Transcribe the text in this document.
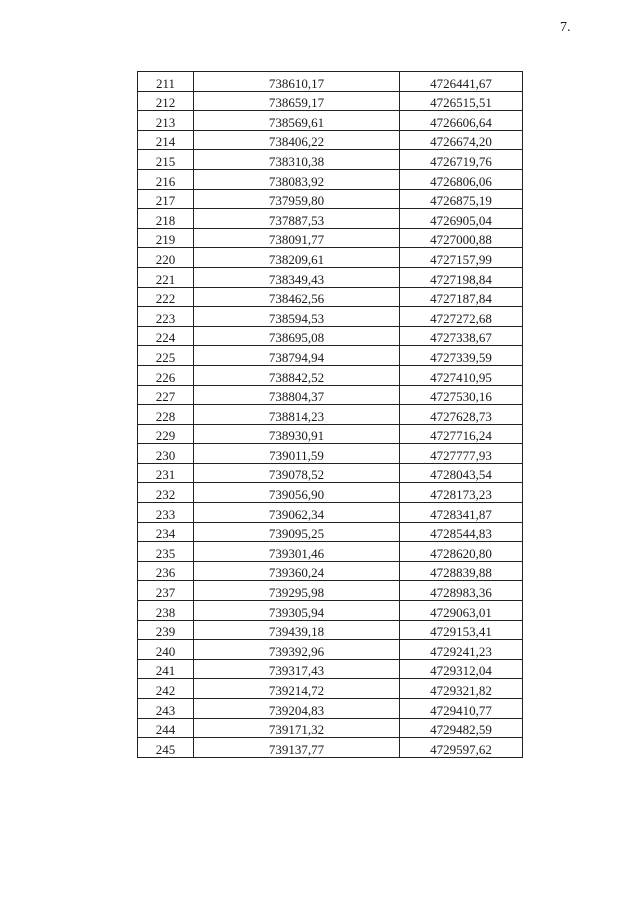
7.
211	738610,17	4726441,67
212	738659,17	4726515,51
213	738569,61	4726606,64
214	738406,22	4726674,20
215	738310,38	4726719,76
216	738083,92	4726806,06
217	737959,80	4726875,19
218	737887,53	4726905,04
219	738091,77	4727000,88
220	738209,61	4727157,99
221	738349,43	4727198,84
222	738462,56	4727187,84
223	738594,53	4727272,68
224	738695,08	4727338,67
225	738794,94	4727339,59
226	738842,52	4727410,95
227	738804,37	4727530,16
228	738814,23	4727628,73
229	738930,91	4727716,24
230	739011,59	4727777,93
231	739078,52	4728043,54
232	739056,90	4728173,23
233	739062,34	4728341,87
234	739095,25	4728544,83
235	739301,46	4728620,80
236	739360,24	4728839,88
237	739295,98	4728983,36
238	739305,94	4729063,01
239	739439,18	4729153,41
240	739392,96	4729241,23
241	739317,43	4729312,04
242	739214,72	4729321,82
243	739204,83	4729410,77
244	739171,32	4729482,59
245	739137,77	4729597,62
